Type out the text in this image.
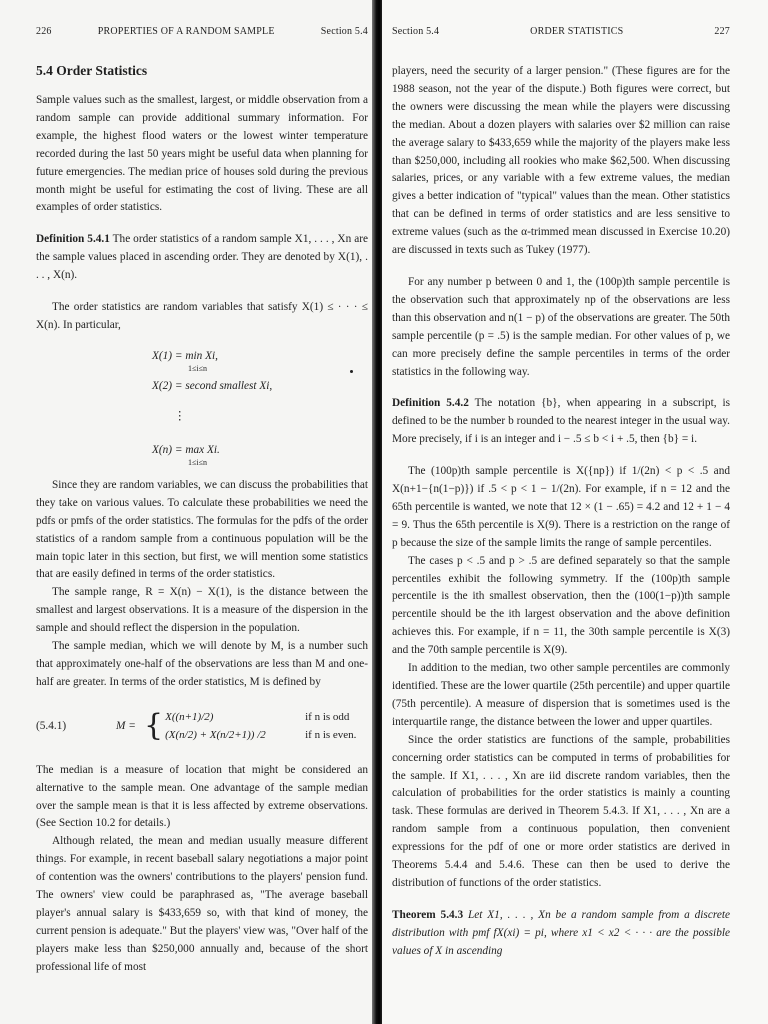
226	PROPERTIES OF A RANDOM SAMPLE	Section 5.4
5.4 Order Statistics

Sample values such as the smallest, largest, or middle observation from a random sample can provide additional summary information. For example, the highest flood waters or the lowest winter temperature recorded during the last 50 years might be useful data when planning for future emergencies. The median price of houses sold during the previous month might be useful for estimating the cost of living. These are all examples of order statistics.

Definition 5.4.1 The order statistics of a random sample X1, . . . , Xn are the sample values placed in ascending order. They are denoted by X(1), . . . , X(n).

The order statistics are random variables that satisfy X(1) ≤ · · · ≤ X(n). In particular,

X(1) = min Xi,
1≤i≤n
X(2) = second smallest Xi,
⋮
X(n) = max Xi.
1≤i≤n

Since they are random variables, we can discuss the probabilities that they take on various values. To calculate these probabilities we need the pdfs or pmfs of the order statistics. The formulas for the pdfs of the order statistics of a random sample from a continuous population will be the main topic later in this section, but first, we will mention some statistics that are easily defined in terms of the order statistics.

The sample range, R = X(n) − X(1), is the distance between the smallest and largest observations. It is a measure of the dispersion in the sample and should reflect the dispersion in the population.

The sample median, which we will denote by M, is a number such that approximately one-half of the observations are less than M and one-half are greater. In terms of the order statistics, M is defined by

(5.4.1)	M = { X((n+1)/2)	if n is odd
(X(n/2) + X(n/2+1)) /2	if n is even.

The median is a measure of location that might be considered an alternative to the sample mean. One advantage of the sample median over the sample mean is that it is less affected by extreme observations. (See Section 10.2 for details.)

Although related, the mean and median usually measure different things. For example, in recent baseball salary negotiations a major point of contention was the owners' contributions to the players' pension fund. The owners' view could be paraphrased as, "The average baseball player's annual salary is $433,659 so, with that kind of money, the current pension is adequate." But the players' view was, "Over half of the players make less than $250,000 annually and, because of the short professional life of most

Section 5.4	ORDER STATISTICS	227

players, need the security of a larger pension." (These figures are for the 1988 season, not the year of the dispute.) Both figures were correct, but the owners were discussing the mean while the players were discussing the median. About a dozen players with salaries over $2 million can raise the average salary to $433,659 while the majority of the players make less than $250,000, including all rookies who make $62,500. When discussing salaries, prices, or any variable with a few extreme values, the median gives a better indication of "typical" values than the mean. Other statistics that can be defined in terms of order statistics and are less sensitive to extreme values (such as the α-trimmed mean discussed in Exercise 10.20) are discussed in texts such as Tukey (1977).

For any number p between 0 and 1, the (100p)th sample percentile is the observation such that approximately np of the observations are less than this observation and n(1 − p) of the observations are greater. The 50th sample percentile (p = .5) is the sample median. For other values of p, we can more precisely define the sample percentiles in terms of the order statistics in the following way.

Definition 5.4.2 The notation {b}, when appearing in a subscript, is defined to be the number b rounded to the nearest integer in the usual way. More precisely, if i is an integer and i − .5 ≤ b < i + .5, then {b} = i.

The (100p)th sample percentile is X({np}) if 1/(2n) < p < .5 and X(n+1−{n(1−p)}) if .5 < p < 1 − 1/(2n). For example, if n = 12 and the 65th percentile is wanted, we note that 12 × (1 − .65) = 4.2 and 12 + 1 − 4 = 9. Thus the 65th percentile is X(9). There is a restriction on the range of p because the size of the sample limits the range of sample percentiles.

The cases p < .5 and p > .5 are defined separately so that the sample percentiles exhibit the following symmetry. If the (100p)th sample percentile is the ith smallest observation, then the (100(1−p))th sample percentile should be the ith largest observation and the above definition achieves this. For example, if n = 11, the 30th sample percentile is X(3) and the 70th sample percentile is X(9).

In addition to the median, two other sample percentiles are commonly identified. These are the lower quartile (25th percentile) and upper quartile (75th percentile). A measure of dispersion that is sometimes used is the interquartile range, the distance between the lower and upper quartiles.

Since the order statistics are functions of the sample, probabilities concerning order statistics can be computed in terms of probabilities for the sample. If X1, . . . , Xn are iid discrete random variables, then the calculation of probabilities for the order statistics is mainly a counting task. These formulas are derived in Theorem 5.4.3. If X1, . . . , Xn are a random sample from a continuous population, then convenient expressions for the pdf of one or more order statistics are derived in Theorems 5.4.4 and 5.4.6. These can then be used to derive the distribution of functions of the order statistics.

Theorem 5.4.3 Let X1, . . . , Xn be a random sample from a discrete distribution with pmf fX(xi) = pi, where x1 < x2 < · · · are the possible values of X in ascending
